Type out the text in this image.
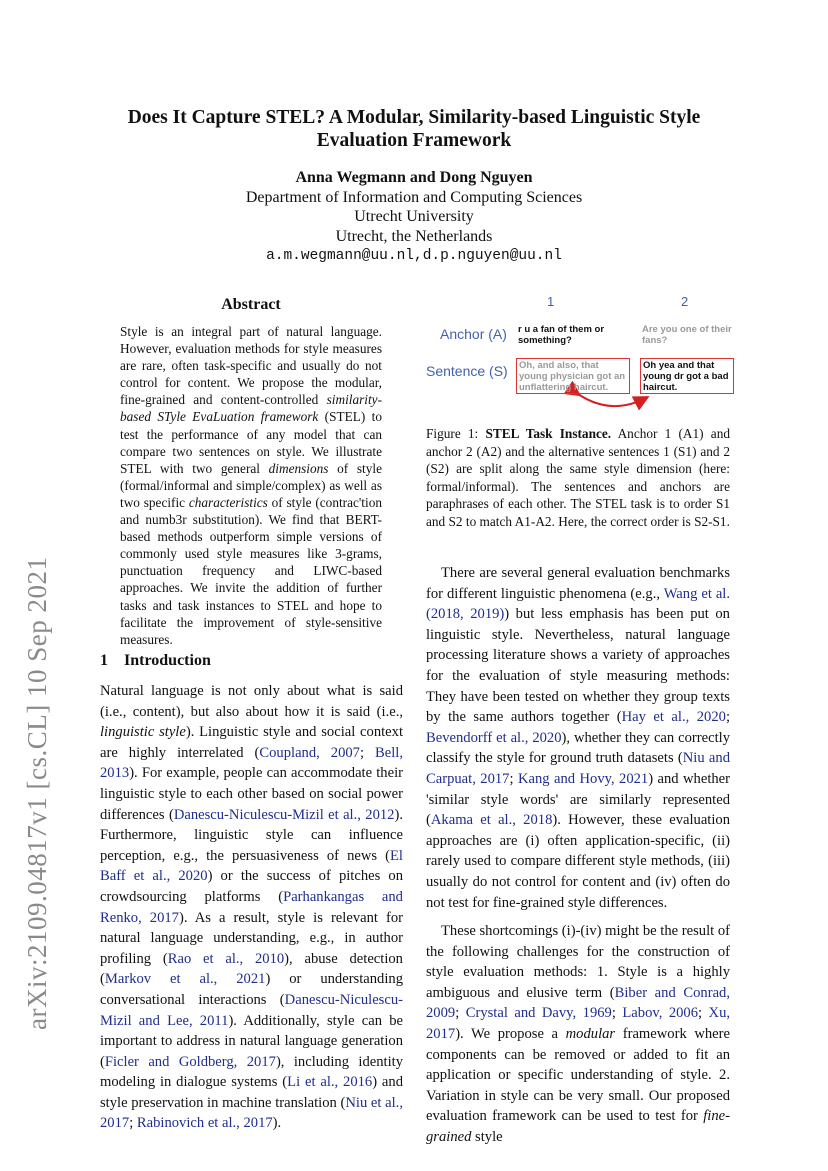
arXiv:2109.04817v1 [cs.CL] 10 Sep 2021
Does It Capture STEL? A Modular, Similarity-based Linguistic Style Evaluation Framework
Anna Wegmann and Dong Nguyen
Department of Information and Computing Sciences
Utrecht University
Utrecht, the Netherlands
a.m.wegmann@uu.nl,d.p.nguyen@uu.nl
Abstract
Style is an integral part of natural language. However, evaluation methods for style measures are rare, often task-specific and usually do not control for content. We propose the modular, fine-grained and content-controlled similarity-based STyle EvaLuation framework (STEL) to test the performance of any model that can compare two sentences on style. We illustrate STEL with two general dimensions of style (formal/informal and simple/complex) as well as two specific characteristics of style (contrac'tion and numb3r substitution). We find that BERT-based methods outperform simple versions of commonly used style measures like 3-grams, punctuation frequency and LIWC-based approaches. We invite the addition of further tasks and task instances to STEL and hope to facilitate the improvement of style-sensitive measures.
1	2
Anchor (A)
Sentence (S)
r u a fan of them or something?
Are you one of their fans?
Oh, and also, that young physician got an unflattering haircut.
Oh yea and that young dr got a bad haircut.
Figure 1: STEL Task Instance. Anchor 1 (A1) and anchor 2 (A2) and the alternative sentences 1 (S1) and 2 (S2) are split along the same style dimension (here: formal/informal). The sentences and anchors are paraphrases of each other. The STEL task is to order S1 and S2 to match A1-A2. Here, the correct order is S2-S1.
1 Introduction

Natural language is not only about what is said (i.e., content), but also about how it is said (i.e., linguistic style). Linguistic style and social context are highly interrelated (Coupland, 2007; Bell, 2013). For example, people can accommodate their linguistic style to each other based on social power differences (Danescu-Niculescu-Mizil et al., 2012). Furthermore, linguistic style can influence perception, e.g., the persuasiveness of news (El Baff et al., 2020) or the success of pitches on crowdsourcing platforms (Parhankangas and Renko, 2017). As a result, style is relevant for natural language understanding, e.g., in author profiling (Rao et al., 2010), abuse detection (Markov et al., 2021) or understanding conversational interactions (Danescu-Niculescu-Mizil and Lee, 2011). Additionally, style can be important to address in natural language generation (Ficler and Goldberg, 2017), including identity modeling in dialogue systems (Li et al., 2016) and style preservation in machine translation (Niu et al., 2017; Rabinovich et al., 2017).

There are several general evaluation benchmarks for different linguistic phenomena (e.g., Wang et al. (2018, 2019)) but less emphasis has been put on linguistic style. Nevertheless, natural language processing literature shows a variety of approaches for the evaluation of style measuring methods: They have been tested on whether they group texts by the same authors together (Hay et al., 2020; Bevendorff et al., 2020), whether they can correctly classify the style for ground truth datasets (Niu and Carpuat, 2017; Kang and Hovy, 2021) and whether 'similar style words' are similarly represented (Akama et al., 2018). However, these evaluation approaches are (i) often application-specific, (ii) rarely used to compare different style methods, (iii) usually do not control for content and (iv) often do not test for fine-grained style differences.

These shortcomings (i)-(iv) might be the result of the following challenges for the construction of style evaluation methods: 1. Style is a highly ambiguous and elusive term (Biber and Conrad, 2009; Crystal and Davy, 1969; Labov, 2006; Xu, 2017). We propose a modular framework where components can be removed or added to fit an application or specific understanding of style. 2. Variation in style can be very small. Our proposed evaluation framework can be used to test for fine-grained style
